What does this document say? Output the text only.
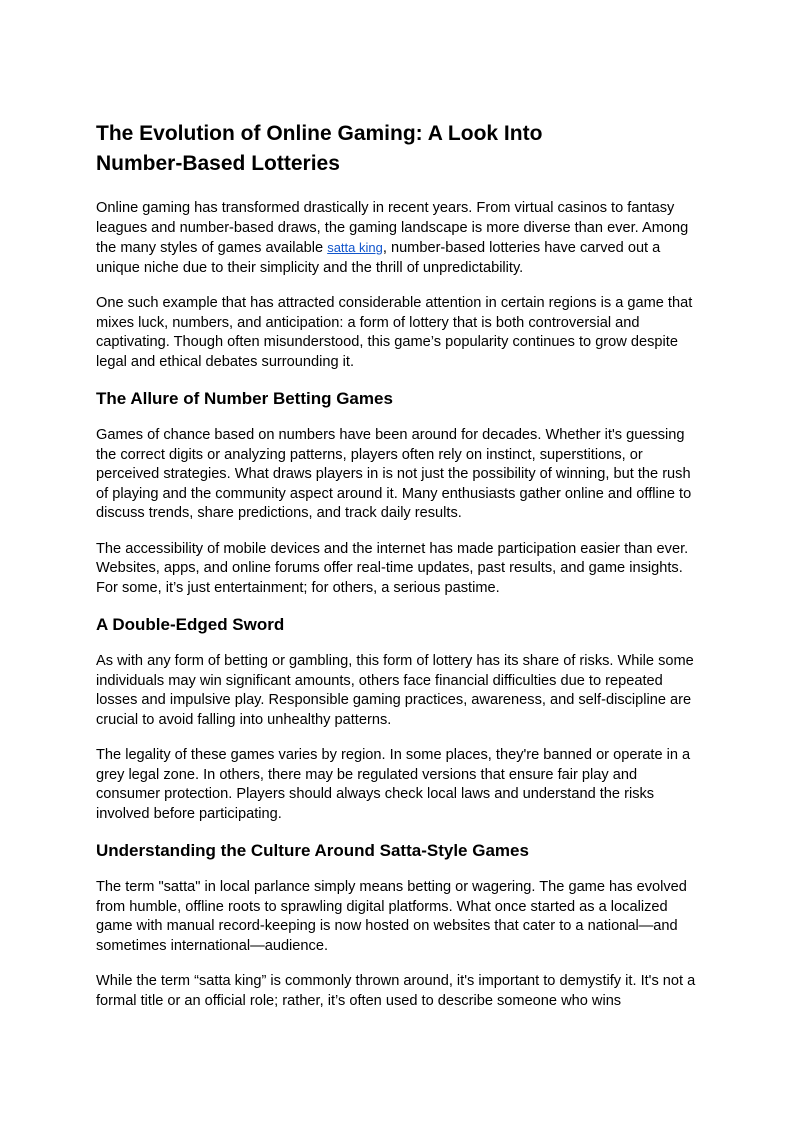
The Evolution of Online Gaming: A Look Into Number-Based Lotteries

Online gaming has transformed drastically in recent years. From virtual casinos to fantasy leagues and number-based draws, the gaming landscape is more diverse than ever. Among the many styles of games available satta king, number-based lotteries have carved out a unique niche due to their simplicity and the thrill of unpredictability.

One such example that has attracted considerable attention in certain regions is a game that mixes luck, numbers, and anticipation: a form of lottery that is both controversial and captivating. Though often misunderstood, this game’s popularity continues to grow despite legal and ethical debates surrounding it.

The Allure of Number Betting Games

Games of chance based on numbers have been around for decades. Whether it's guessing the correct digits or analyzing patterns, players often rely on instinct, superstitions, or perceived strategies. What draws players in is not just the possibility of winning, but the rush of playing and the community aspect around it. Many enthusiasts gather online and offline to discuss trends, share predictions, and track daily results.

The accessibility of mobile devices and the internet has made participation easier than ever. Websites, apps, and online forums offer real-time updates, past results, and game insights. For some, it’s just entertainment; for others, a serious pastime.

A Double-Edged Sword

As with any form of betting or gambling, this form of lottery has its share of risks. While some individuals may win significant amounts, others face financial difficulties due to repeated losses and impulsive play. Responsible gaming practices, awareness, and self-discipline are crucial to avoid falling into unhealthy patterns.

The legality of these games varies by region. In some places, they're banned or operate in a grey legal zone. In others, there may be regulated versions that ensure fair play and consumer protection. Players should always check local laws and understand the risks involved before participating.

Understanding the Culture Around Satta-Style Games

The term "satta" in local parlance simply means betting or wagering. The game has evolved from humble, offline roots to sprawling digital platforms. What once started as a localized game with manual record-keeping is now hosted on websites that cater to a national—and sometimes international—audience.

While the term “satta king” is commonly thrown around, it's important to demystify it. It's not a formal title or an official role; rather, it’s often used to describe someone who wins
